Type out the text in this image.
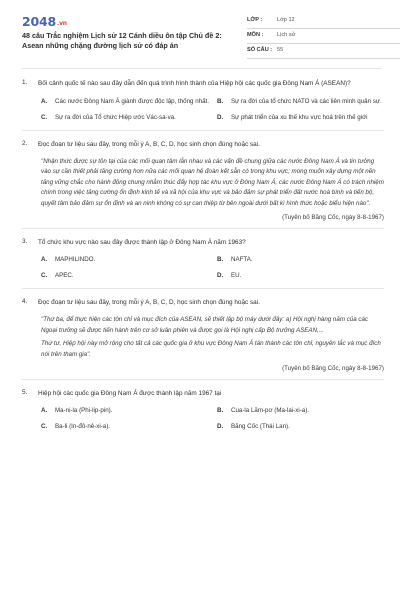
2048.vn
48 câu Trắc nghiệm Lịch sử 12 Cánh diều ôn tập Chủ đề 2: Asean những chặng đường lịch sử có đáp án
LỚP :	Lớp 12
MÔN : Lịch sử
SỐ CÂU : 55
1. Bối cảnh quốc tế nào sau đây dẫn đến quá trình hình thành của Hiệp hội các quốc gia Đông Nam Á (ASEAN)?
A. Các nước Đông Nam Á giành được độc lập, thống nhất.	B. Sự ra đời của tổ chức NATO và các liên minh quân sự.
C. Sự ra đời của Tổ chức Hiệp ước Vác-sa-va.	D. Sự phát triển của xu thế khu vực hoá trên thế giới
2. Đọc đoạn tư liệu sau đây, trong mỗi ý A, B, C, D, học sinh chọn đúng hoặc sai.

"Nhận thức được sự tồn tại của các mối quan tâm lẫn nhau và các vấn đề chung giữa các nước Đông Nam Á và tin tưởng vào sự cần thiết phải tăng cường hơn nữa các mối quan hệ đoàn kết sẵn có trong khu vực; mong muốn xây dựng một nền tảng vững chắc cho hành động chung nhằm thúc đẩy hợp tác khu vực ở Đông Nam Á, các nước Đông Nam Á có trách nhiệm chính trong việc tăng cường ổn định kinh tế và xã hội của khu vực và bảo đảm sự phát triển đất nước hoà bình và tiến bộ, quyết tâm bảo đảm sự ổn định và an ninh không có sự can thiệp từ bên ngoài dưới bất kì hình thức hoặc biểu hiện nào".

(Tuyên bố Băng Cốc, ngày 8-8-1967)
3. Tổ chức khu vực nào sau đây được thành lập ở Đông Nam Á năm 1963?
A. MAPHILINDO.	B. NAFTA.
C. APEC.	D. EU.
4. Đọc đoạn tư liệu sau đây, trong mỗi ý A, B, C, D, học sinh chọn đúng hoặc sai.

"Thứ ba, để thực hiện các tôn chỉ và mục đích của ASEAN, sẽ thiết lập bộ máy dưới đây: a) Hội nghị hàng năm của các Ngoại trưởng sẽ được tiến hành trên cơ sở luân phiên và được gọi là Hội nghị cấp Bộ trưởng ASEAN,...

Thứ tư, Hiệp hội này mở rộng cho tất cả các quốc gia ở khu vực Đông Nam Á tán thành các tôn chỉ, nguyên tắc và mục đích nói trên tham gia".

(Tuyên bố Băng Cốc, ngày 8-8-1967)
5. Hiệp hội các quốc gia Đông Nam Á được thành lập năm 1967 tại
A. Ma-ni-la (Phi-lip-pin).	B. Cua-la Lăm-pơ (Ma-lai-xi-a).
C. Ba-li (In-đô-nê-xi-a).	D. Băng Cốc (Thái Lan).
